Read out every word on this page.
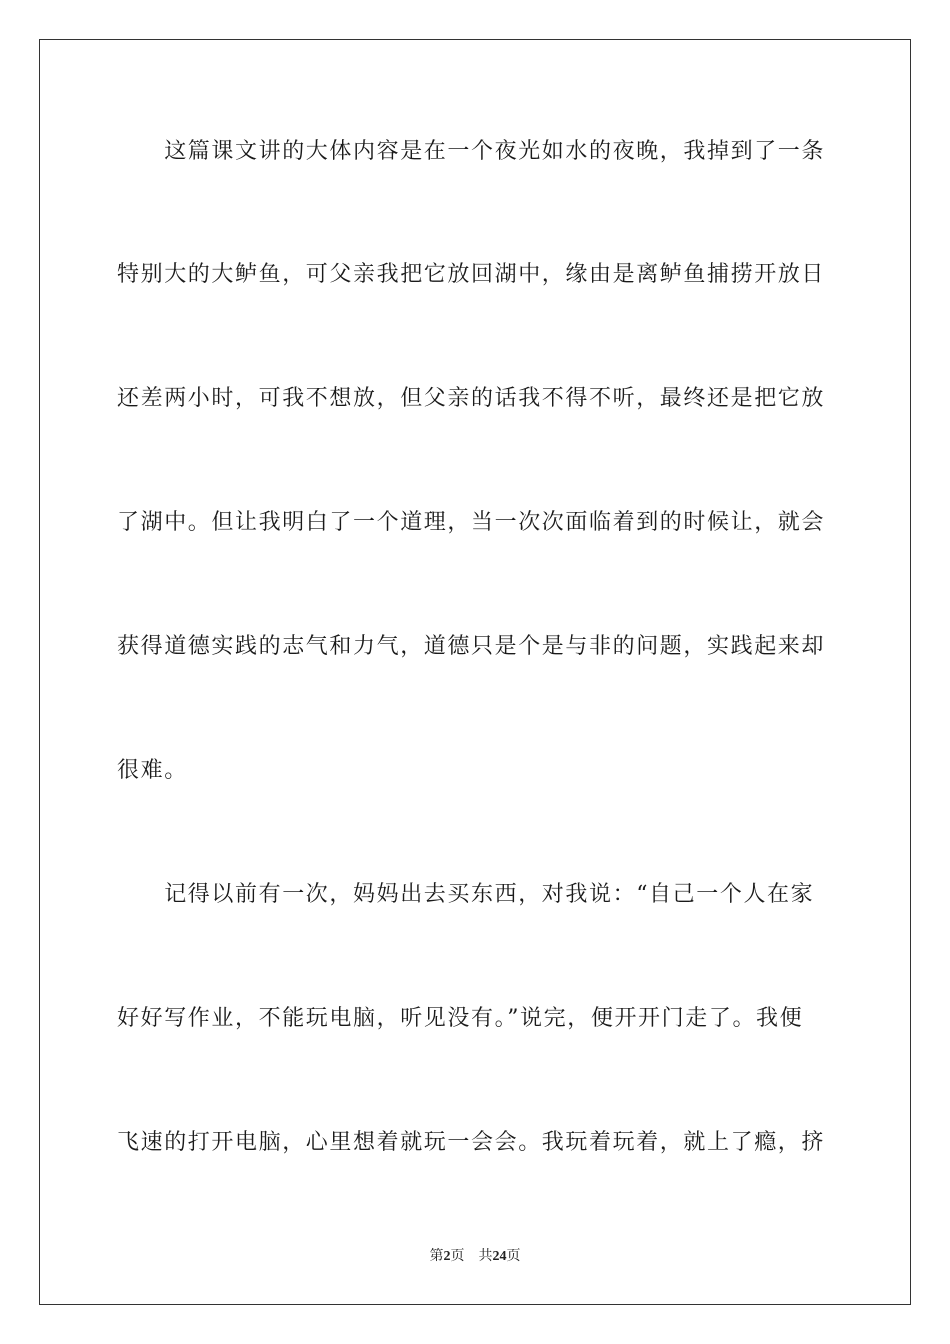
　　这篇课文讲的大体内容是在一个夜光如水的夜晚，我掉到了一条
特别大的大鲈鱼，可父亲我把它放回湖中，缘由是离鲈鱼捕捞开放日
还差两小时，可我不想放，但父亲的话我不得不听，最终还是把它放
了湖中。但让我明白了一个道理，当一次次面临着到的时候让，就会
获得道德实践的志气和力气，道德只是个是与非的问题，实践起来却
很难。
　　记得以前有一次，妈妈出去买东西，对我说：“自己一个人在家
好好写作业，不能玩电脑，听见没有。”说完，便开开门走了。我便
飞速的打开电脑，心里想着就玩一会会。我玩着玩着，就上了瘾，挤
第2页 共24页
